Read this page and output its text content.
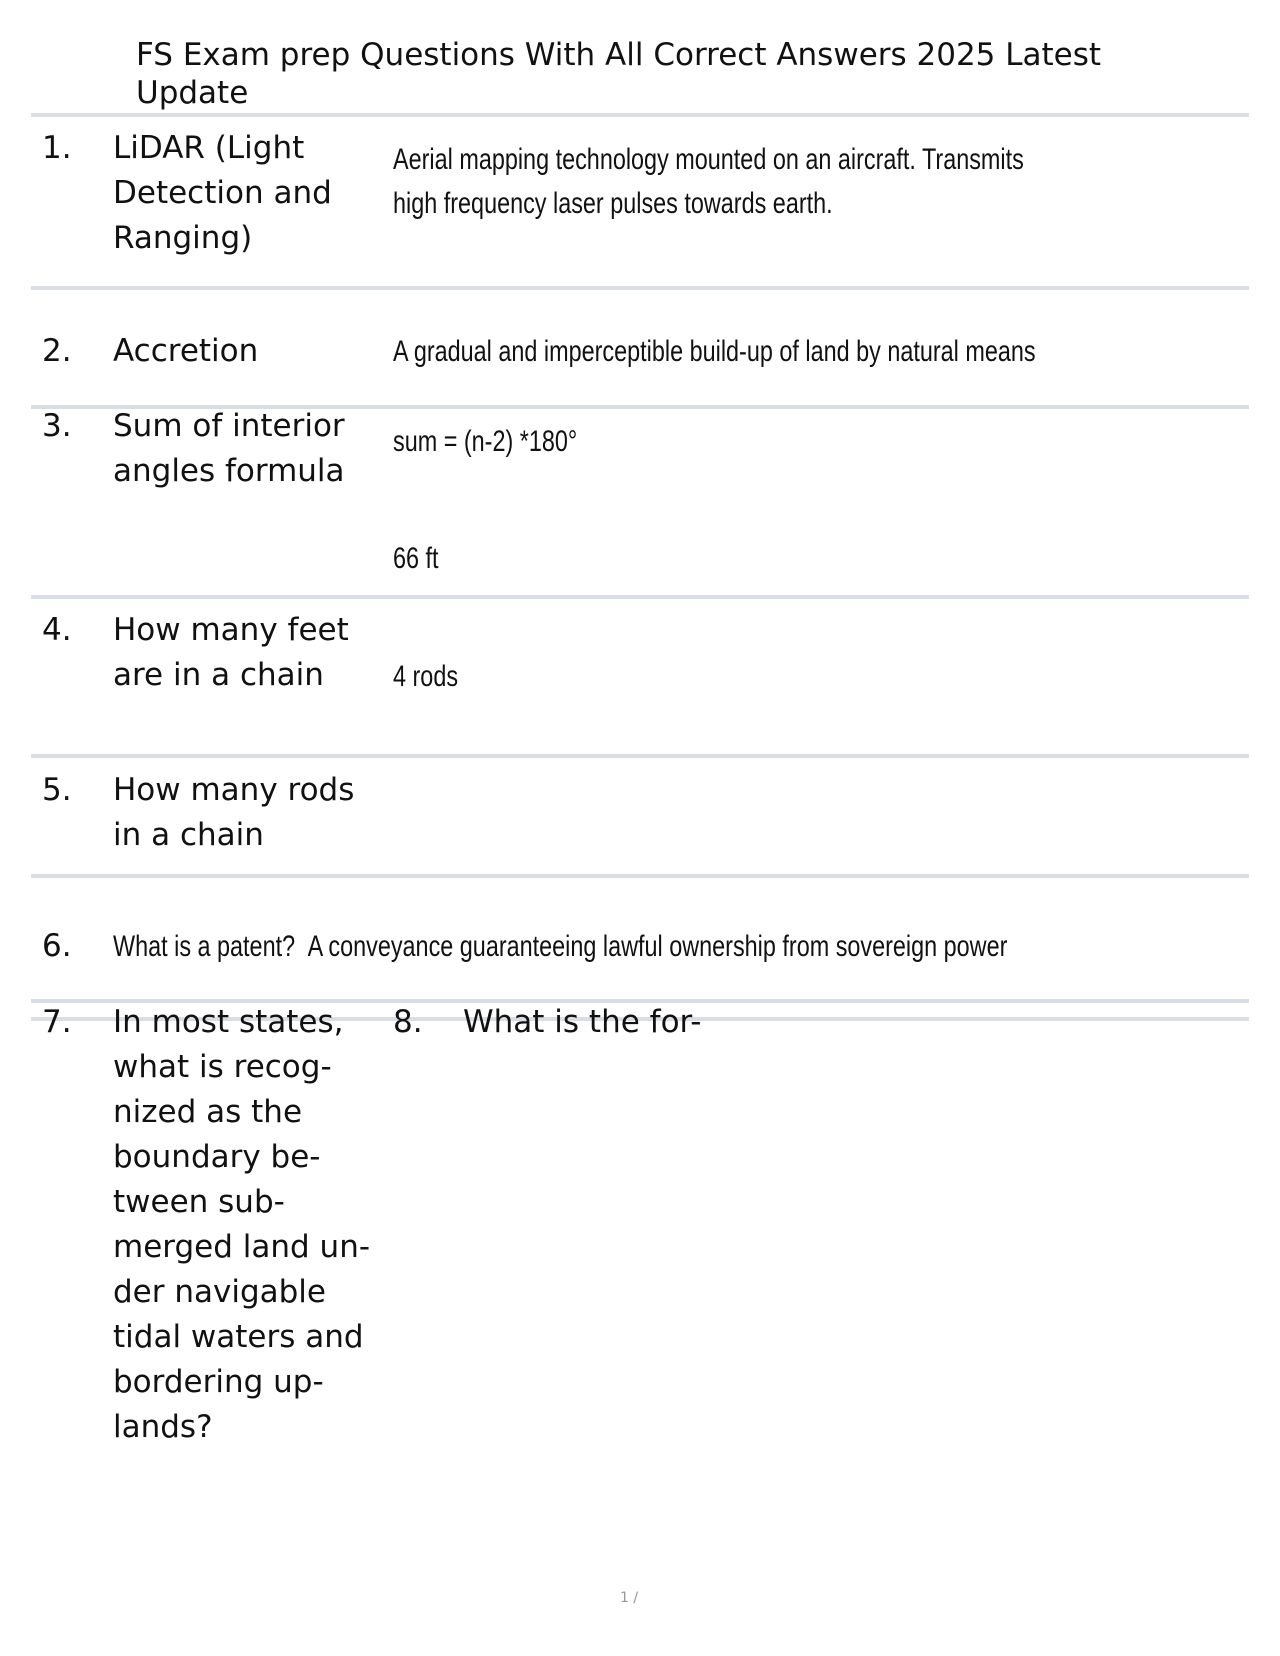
FS Exam prep Questions With All Correct Answers 2025 Latest Update
1. LiDAR (Light Detection and Ranging)
Aerial mapping technology mounted on an aircraft. Transmits high frequency laser pulses towards earth.
2. Accretion	A gradual and imperceptible build-up of land by natural means
3. Sum of interior angles formula
sum = (n-2) *180°
66 ft
4. How many feet are in a chain	4 rods
5. How many rods in a chain
6. What is a patent? A conveyance guaranteeing lawful ownership from sovereign power
7. In most states, what is recog- nized as the boundary be- tween sub- merged land un- der navigable tidal waters and bordering up- lands?
8. What is the for-
1 /
